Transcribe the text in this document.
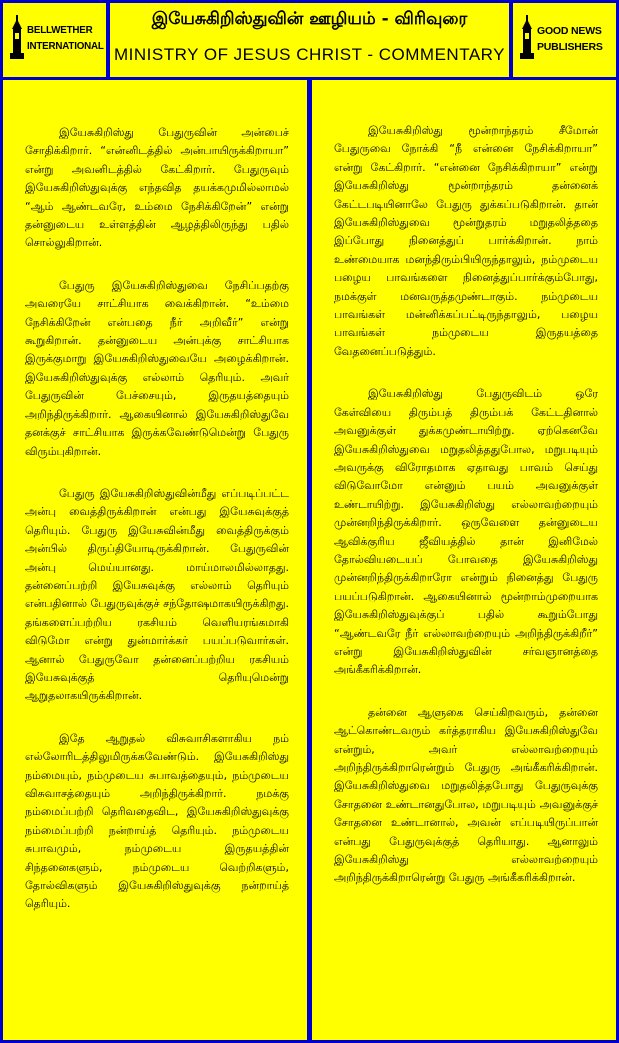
BELLWETHER
INTERNATIONAL
இயேசுகிறிஸ்துவின் ஊழியம் - விரிவுரை
MINISTRY OF JESUS CHRIST - COMMENTARY
GOOD NEWS
PUBLISHERS

இயேசுகிறிஸ்து பேதுருவின் அன்பைச் சோதிக்கிறார். “என்னிடத்தில் அன்பாயிருக்கிறாயா” என்று அவனிடத்தில் கேட்கிறார். பேதுருவும் இயேசுகிறிஸ்துவுக்கு எந்தவித தயக்கமுமில்லாமல் “ஆம் ஆண்டவரே, உம்மை நேசிக்கிறேன்” என்று தன்னுடைய உள்ளத்தின் ஆழத்திலிருந்து பதில் சொல்லுகிறான்.

பேதுரு இயேசுகிறிஸ்துவை நேசிப்பதற்கு அவரையே சாட்சியாக வைக்கிறான். “உம்மை நேசிக்கிறேன் என்பதை நீர் அறிவீர்” என்று கூறுகிறான். தன்னுடைய அன்புக்கு சாட்சியாக இருக்குமாறு இயேசுகிறிஸ்துவையே அழைக்கிறான். இயேசுகிறிஸ்துவுக்கு எல்லாம் தெரியும். அவர் பேதுருவின் பேச்சையும், இருதயத்தையும் அறிந்திருக்கிறார். ஆகையினால் இயேசுகிறிஸ்துவே தனக்குச் சாட்சியாக இருக்கவேண்டுமென்று பேதுரு விரும்புகிறான்.

பேதுரு இயேசுகிறிஸ்துவின்மீது எப்படிப்பட்ட அன்பு வைத்திருக்கிறான் என்பது இயேசுவுக்குத் தெரியும். பேதுரு இயேசுவின்மீது வைத்திருக்கும் அன்பில் திருப்தியோடிருக்கிறான். பேதுருவின் அன்பு மெய்யானது. மாய்மாலமில்லாதது. தன்னைப்பற்றி இயேசுவுக்கு எல்லாம் தெரியும் என்பதினால் பேதுருவுக்குச் சந்தோஷமாகயிருக்கிறது. தங்களைப்பற்றிய ரகசியம் வெளியரங்கமாகி விடுமோ என்று துன்மார்க்கர் பயப்படுவார்கள். ஆனால் பேதுருவோ தன்னைப்பற்றிய ரகசியம் இயேசுவுக்குத் தெரியுமென்று ஆறுதலாகயிருக்கிறான்.

இதே ஆறுதல் விசுவாசிகளாகிய நம் எல்லோரிடத்திலுமிருக்கவேண்டும். இயேசுகிறிஸ்து நம்மையும், நம்முடைய சுபாவத்தையும், நம்முடைய விசுவாசத்தையும் அறிந்திருக்கிறார். நமக்கு நம்மைப்பற்றி தெரிவதைவிட, இயேசுகிறிஸ்துவுக்கு நம்மைப்பற்றி நன்றாய்த் தெரியும். நம்முடைய சுபாவமும், நம்முடைய இருதயத்தின் சிந்தனைகளும், நம்முடைய வெற்றிகளும், தோல்விகளும் இயேசுகிறிஸ்துவுக்கு நன்றாய்த் தெரியும்.

இயேசுகிறிஸ்து மூன்றாந்தரம் சீமோன் பேதுருவை நோக்கி “நீ என்னை நேசிக்கிறாயா” என்று கேட்கிறார். “என்னை நேசிக்கிறாயா” என்று இயேசுகிறிஸ்து மூன்றாந்தரம் தன்னைக் கேட்டபடியினாலே பேதுரு துக்கப்படுகிறான். தான் இயேசுகிறிஸ்துவை மூன்றுதரம் மறுதலித்ததை இப்போது நினைத்துப் பார்க்கிறான். நாம் உண்மையாக மனந்திரும்பியிருந்தாலும், நம்முடைய பழைய பாவங்களை நினைத்துப்பார்க்கும்போது, நமக்குள் மனவருத்தமுண்டாகும். நம்முடைய பாவங்கள் மன்னிக்கப்பட்டிருந்தாலும், பழைய பாவங்கள் நம்முடைய இருதயத்தை வேதனைப்படுத்தும்.

இயேசுகிறிஸ்து பேதுருவிடம் ஒரே கேள்வியை திரும்பத் திரும்பக் கேட்டதினால் அவனுக்குள் துக்கமுண்டாயிற்று. ஏற்கெனவே இயேசுகிறிஸ்துவை மறுதலித்ததுபோல, மறுபடியும் அவருக்கு விரோதமாக ஏதாவது பாவம் செய்து விடுவோமோ என்னும் பயம் அவனுக்குள் உண்டாயிற்று. இயேசுகிறிஸ்து எல்லாவற்றையும் முன்னறிந்திருக்கிறார். ஒருவேளை தன்னுடைய ஆவிக்குரிய ஜீவியத்தில் தான் இனிமேல் தோல்வியடையப் போவதை இயேசுகிறிஸ்து முன்னறிந்திருக்கிறாரோ என்றும் நினைத்து பேதுரு பயப்படுகிறான். ஆகையினால் மூன்றாம்முறையாக இயேசுகிறிஸ்துவுக்குப் பதில் கூறும்போது “ஆண்டவரே நீர் எல்லாவற்றையும் அறிந்திருக்கிறீர்” என்று இயேசுகிறிஸ்துவின் சர்வஞானத்தை அங்கீகரிக்கிறான்.

தன்னை ஆளுகை செய்கிறவரும், தன்னை ஆட்கொண்டவரும் கர்த்தராகிய இயேசுகிறிஸ்துவே என்றும், அவர் எல்லாவற்றையும் அறிந்திருக்கிறாரென்றும் பேதுரு அங்கீகரிக்கிறான். இயேசுகிறிஸ்துவை மறுதலித்தபோது பேதுருவுக்கு சோதனை உண்டானதுபோல, மறுபடியும் அவனுக்குச் சோதனை உண்டானால், அவன் எப்படியிருப்பான் என்பது பேதுருவுக்குத் தெரியாது. ஆனாலும் இயேசுகிறிஸ்து எல்லாவற்றையும் அறிந்திருக்கிறாரென்று பேதுரு அங்கீகரிக்கிறான்.
